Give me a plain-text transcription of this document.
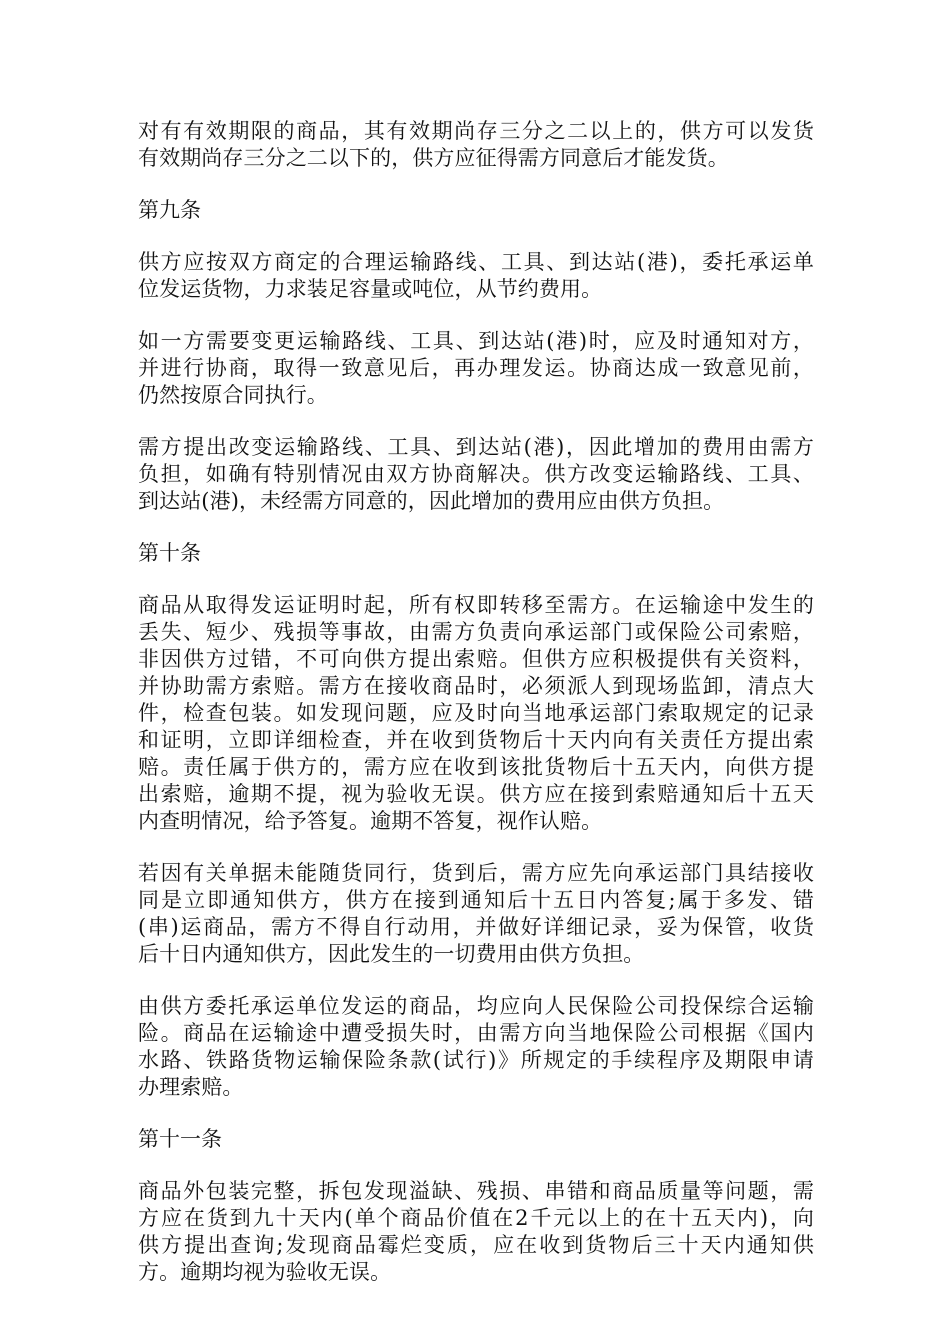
对有有效期限的商品，其有效期尚存三分之二以上的，供方可以发货
有效期尚存三分之二以下的，供方应征得需方同意后才能发货。
第九条
供方应按双方商定的合理运输路线、工具、到达站(港)，委托承运单
位发运货物，力求装足容量或吨位，从节约费用。
如一方需要变更运输路线、工具、到达站(港)时，应及时通知对方，
并进行协商，取得一致意见后，再办理发运。协商达成一致意见前，
仍然按原合同执行。
需方提出改变运输路线、工具、到达站(港)，因此增加的费用由需方
负担，如确有特别情况由双方协商解决。供方改变运输路线、工具、
到达站(港)，未经需方同意的，因此增加的费用应由供方负担。
第十条
商品从取得发运证明时起，所有权即转移至需方。在运输途中发生的
丢失、短少、残损等事故，由需方负责向承运部门或保险公司索赔，
非因供方过错，不可向供方提出索赔。但供方应积极提供有关资料，
并协助需方索赔。需方在接收商品时，必须派人到现场监卸，清点大
件，检查包装。如发现问题，应及时向当地承运部门索取规定的记录
和证明，立即详细检查，并在收到货物后十天内向有关责任方提出索
赔。责任属于供方的，需方应在收到该批货物后十五天内，向供方提
出索赔，逾期不提，视为验收无误。供方应在接到索赔通知后十五天
内查明情况，给予答复。逾期不答复，视作认赔。
若因有关单据未能随货同行，货到后，需方应先向承运部门具结接收
同是立即通知供方，供方在接到通知后十五日内答复;属于多发、错
(串)运商品，需方不得自行动用，并做好详细记录，妥为保管，收货
后十日内通知供方，因此发生的一切费用由供方负担。
由供方委托承运单位发运的商品，均应向人民保险公司投保综合运输
险。商品在运输途中遭受损失时，由需方向当地保险公司根据《国内
水路、铁路货物运输保险条款(试行)》所规定的手续程序及期限申请
办理索赔。
第十一条
商品外包装完整，拆包发现溢缺、残损、串错和商品质量等问题，需
方应在货到九十天内(单个商品价值在2千元以上的在十五天内)，向
供方提出查询;发现商品霉烂变质，应在收到货物后三十天内通知供
方。逾期均视为验收无误。
